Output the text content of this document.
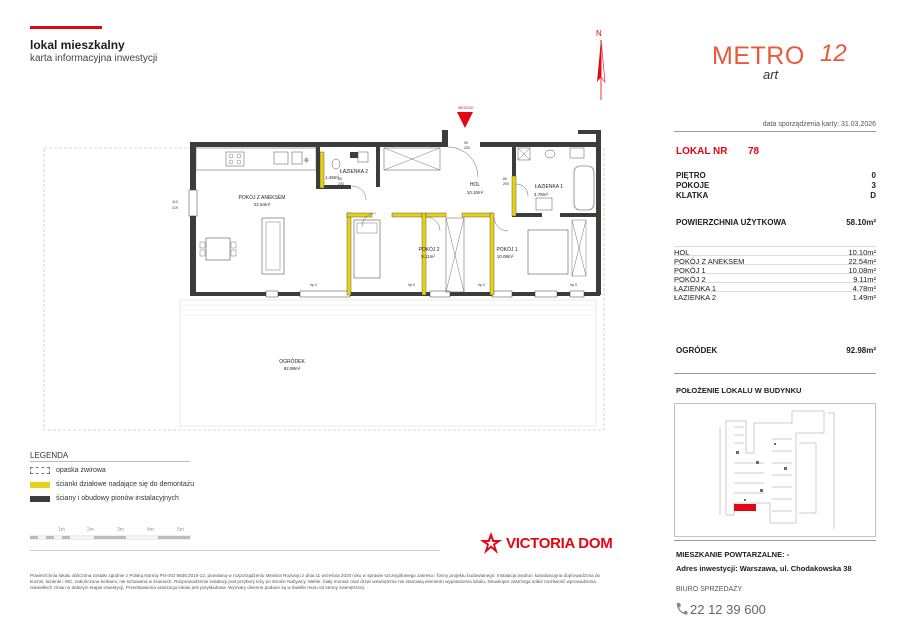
lokal mieszkalny
karta informacyjna inwestycji
N
METRO
art
12
data sporządzenia karty: 31.03.2026
LOKAL NR 78
PIĘTRO	0
POKOJE	3
KLATKA	D
POWIERZCHNIA UŻYTKOWA	58.10m²
HOL	10.10m²
POKÓJ Z ANEKSEM	22.54m²
POKÓJ 1	10.08m²
POKÓJ 2	9.11m²
ŁAZIENKA 1	4.78m²
ŁAZIENKA 2	1.49m²
OGRÓDEK	92.98m²
POŁOŻENIE LOKALU W BUDYNKU
MIESZKANIE POWTARZALNE: -
Adres inwestycji: Warszawa, ul. Chodakowska 38
BIURO SPRZEDAŻY
22 12 39 600
✳
WEJŚCIE
POKÓJ Z ANEKSEM
22.54m²
ŁAZIENKA 2
1.49m²
HOL
10.10m²
ŁAZIENKA 1
4.78m²
POKÓJ 2
9.11m²
POKÓJ 1
10.08m²
OGRÓDEK
92.98m²
80
200
80
200
90
200
110
219
hp 0	hp 0	hp 0	hp 0
LEGENDA
opaska żwirowa
ścianki działowe nadające się do demontażu
ściany i obudowy pionów instalacyjnych
1m	2m	3m	4m	5m
VICTORIA DOM
Powierzchnia lokalu obliczona zostało zgodnie z Polską Normą PN-ISO 9836:2015-12, powołaną w rozporządzeniu Ministra Rozwoju z dnia 11 września 2020 roku w sprawie szczegółowego zakresu i formy projektu budowlanego. Instalacja wodna i kanalizacyjna doprowadzona do kuchni, łazienki i WC, zakończona korkami, nie schowana w ścianach. Rozprowadzenie instalacji pod przybory leży po stronie Nabywcy. Meble, biały montaż oraz drzwi wewnętrzne nie stanowią elementu wyposażenia lokalu. Deweloper zastrzega sobie możliwość wprowadzenia niewielkich zmian w dalszym etapie inwestycji. Przedstawiona aranżacja lokalu jest przykładowa. Wymiary okienne podane są w świetle muru od strony zewnętrznej.
